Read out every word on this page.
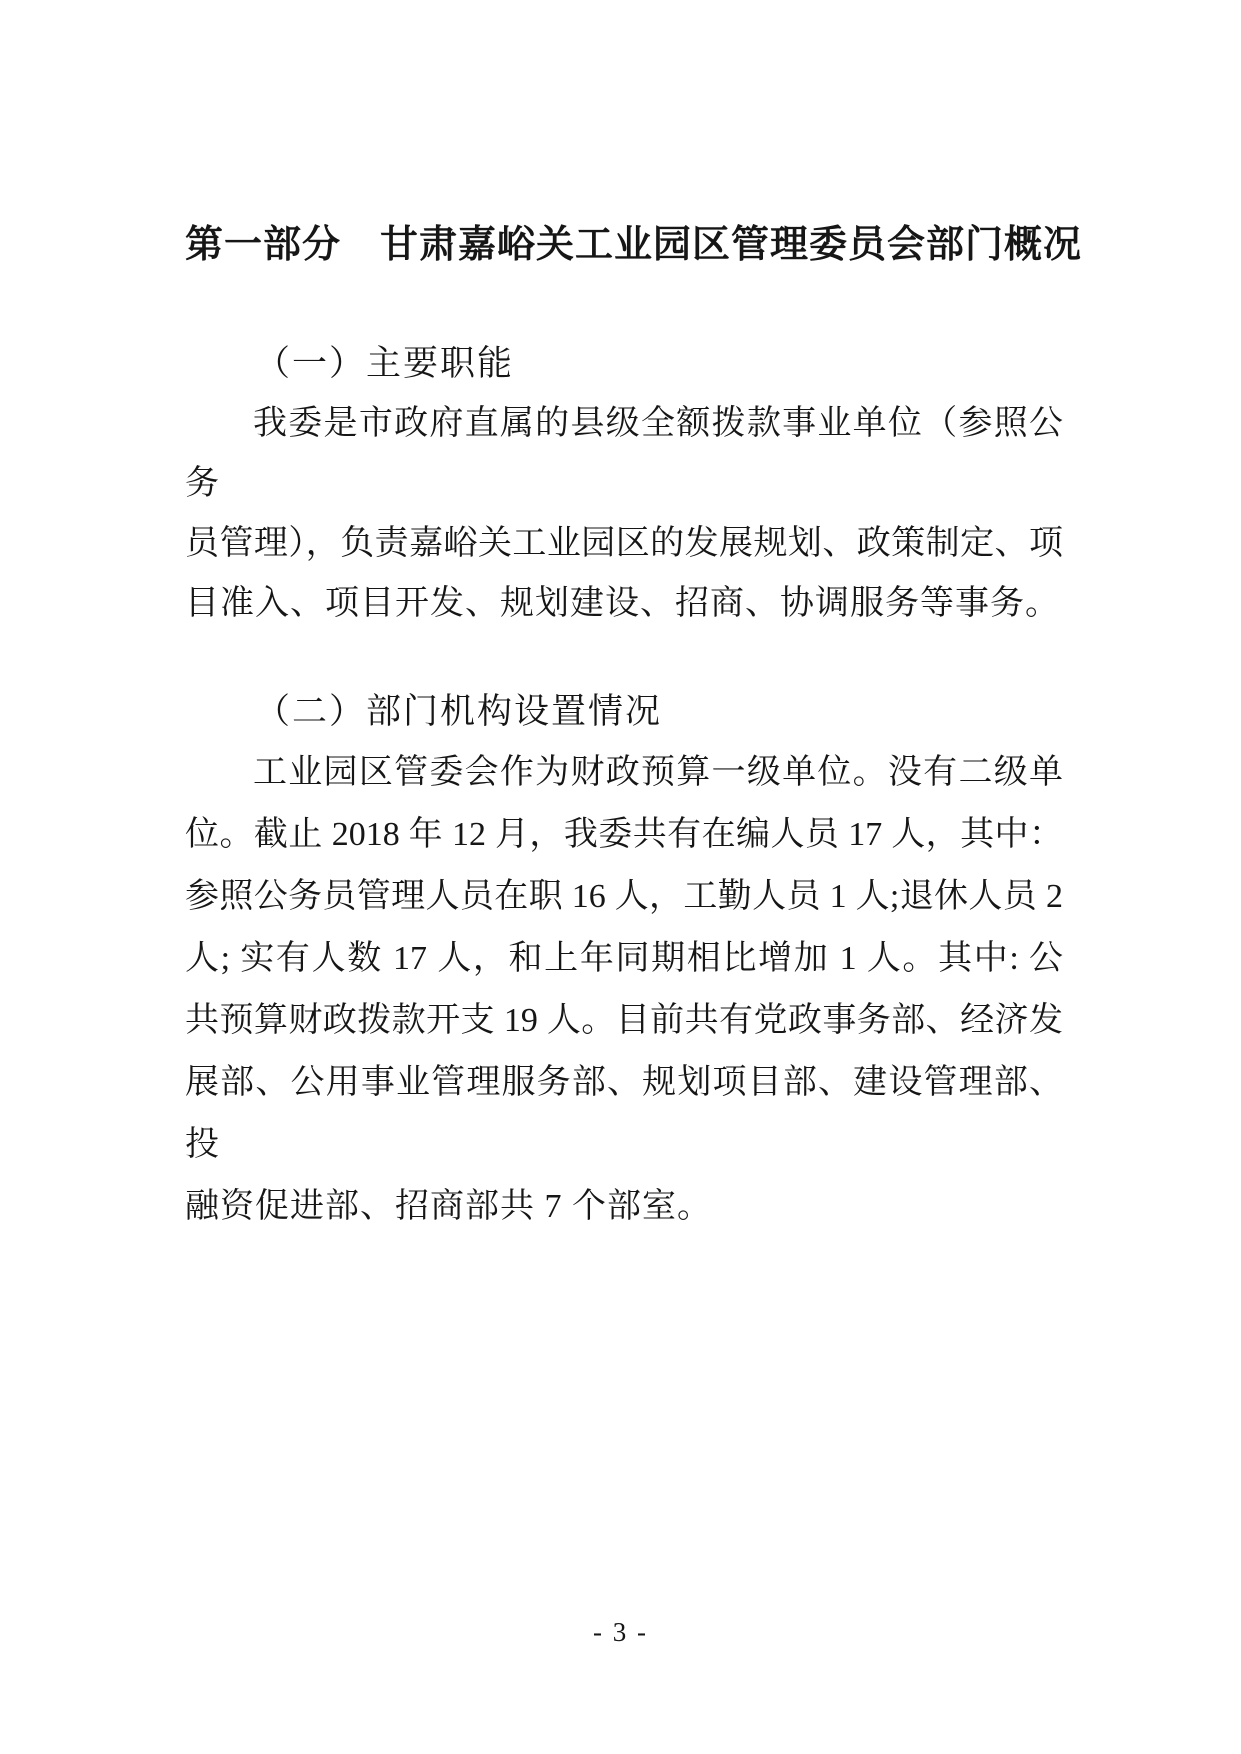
第一部分　甘肃嘉峪关工业园区管理委员会部门概况
（一）主要职能

我委是市政府直属的县级全额拨款事业单位（参照公务

员管理），负责嘉峪关工业园区的发展规划、政策制定、项

目准入、项目开发、规划建设、招商、协调服务等事务。

（二）部门机构设置情况

工业园区管委会作为财政预算一级单位。没有二级单

位。截止 2018 年 12 月，我委共有在编人员 17 人，其中：

参照公务员管理人员在职 16 人，工勤人员 1 人;退休人员 2

人; 实有人数 17 人，和上年同期相比增加 1 人。其中: 公

共预算财政拨款开支 19 人。目前共有党政事务部、经济发

展部、公用事业管理服务部、规划项目部、建设管理部、投

融资促进部、招商部共 7 个部室。

- 3 -
